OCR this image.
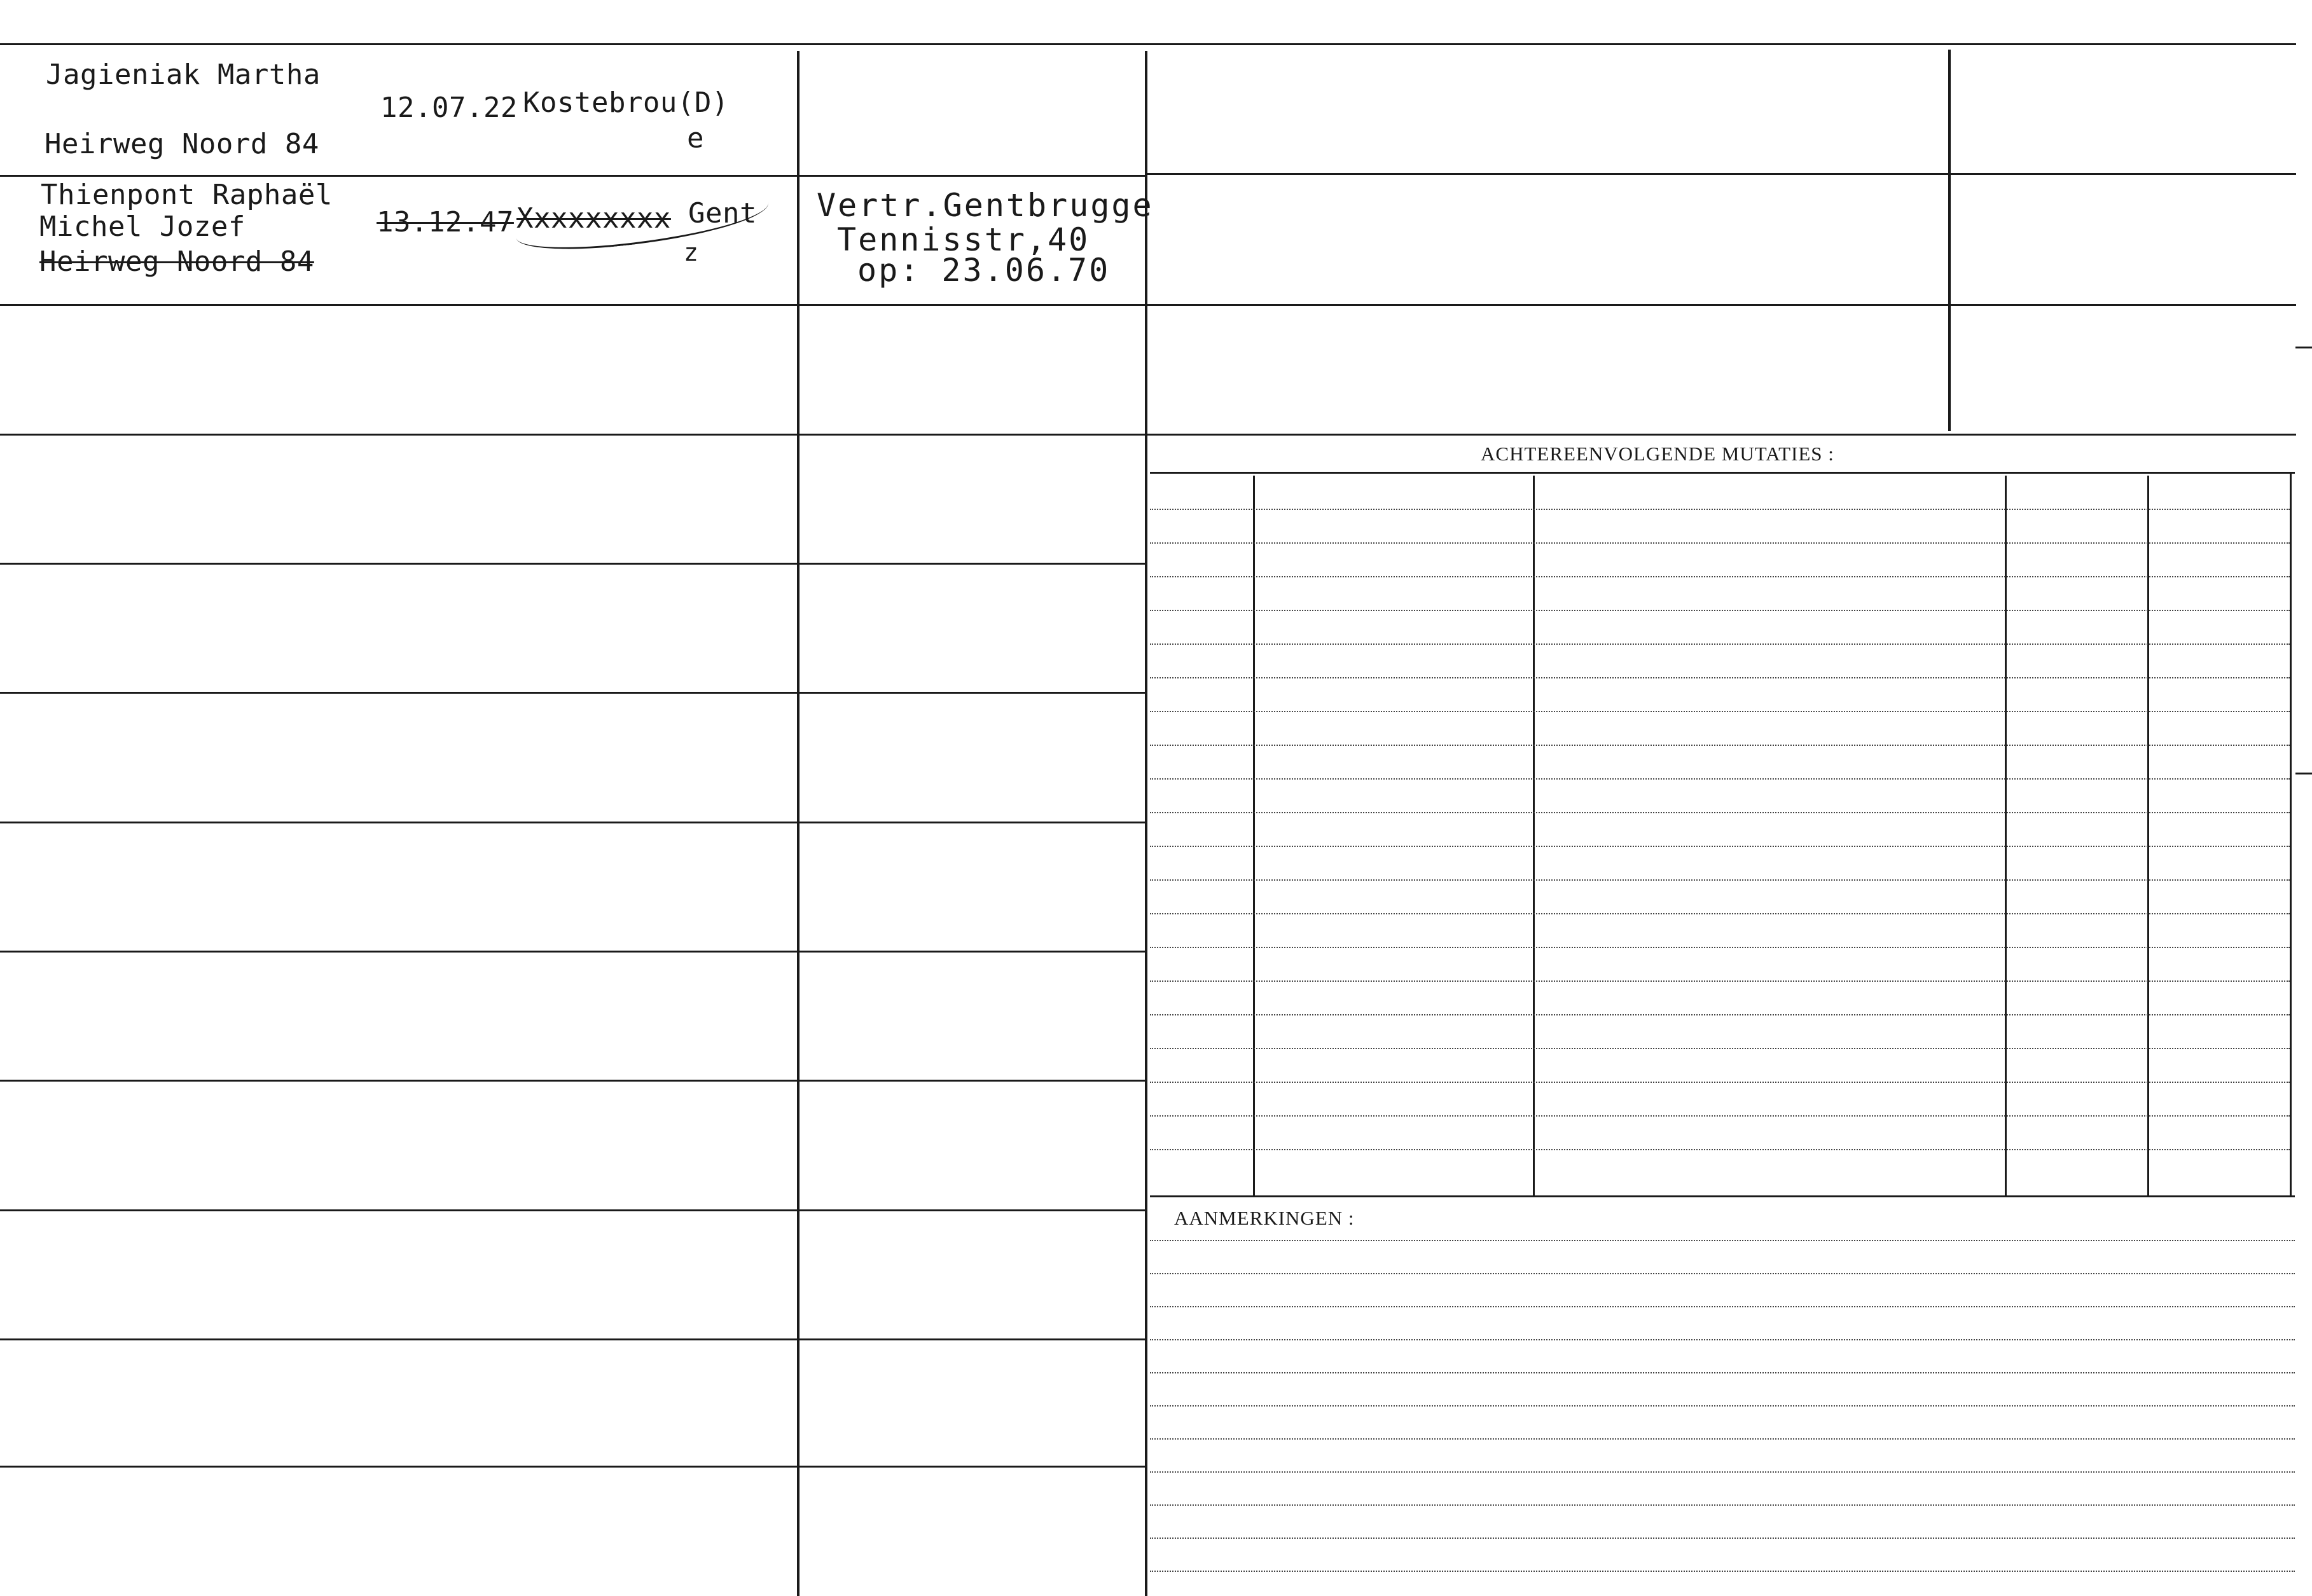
Jagieniak Martha
Heirweg Noord 84
12.07.22 Kostebrou(D)
e
Thienpont Raphaël
Michel Jozef
Heirweg Noord 84
13.12.47 Xxxxxxxxx Gent
z
Vertr.Gentbrugge
Tennisstr,40
op: 23.06.70
ACHTEREENVOLGENDE MUTATIES :
AANMERKINGEN :
